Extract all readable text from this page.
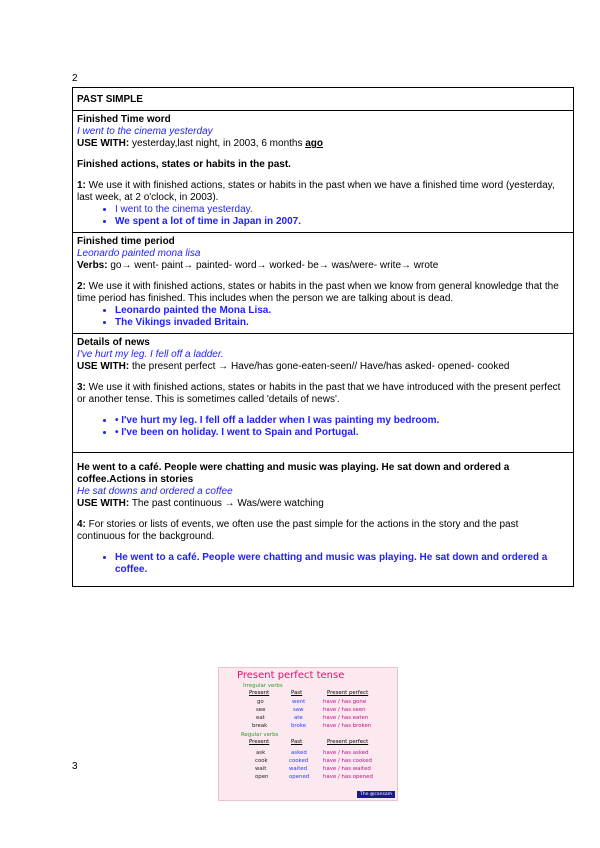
2
PAST SIMPLE

Finished Time word
I went to the cinema yesterday
USE WITH: yesterday,last night, in 2003, 6 months ago
Finished actions, states or habits in the past.
1: We use it with finished actions, states or habits in the past when we have a finished time word (yesterday, last week, at 2 o'clock, in 2003).
• I went to the cinema yesterday.
• We spent a lot of time in Japan in 2007.

Finished time period
Leonardo painted mona lisa
Verbs: go→ went- paint→ painted- word→ worked- be→ was/were- write→ wrote
2: We use it with finished actions, states or habits in the past when we know from general knowledge that the time period has finished. This includes when the person we are talking about is dead.
• Leonardo painted the Mona Lisa.
• The Vikings invaded Britain.

Details of news
I've hurt my leg. I fell off a ladder.
USE WITH: the present perfect → Have/has gone-eaten-seen// Have/has asked- opened- cooked
3: We use it with finished actions, states or habits in the past that we have introduced with the present perfect or another tense. This is sometimes called 'details of news'.
• • I've hurt my leg. I fell off a ladder when I was painting my bedroom.
• • I've been on holiday. I went to Spain and Portugal.

He went to a café. People were chatting and music was playing. He sat down and ordered a coffee.Actions in stories
He sat downs and ordered a coffee
USE WITH: The past continuous → Was/were watching
4: For stories or lists of events, we often use the past simple for the actions in the story and the past continuous for the background.
• He went to a café. People were chatting and music was playing. He sat down and ordered a coffee.
3
Present perfect tense
Irregular verbs
Present	Past	Present perfect
go	went	have / has gone
see	saw	have / has seen
eat	ate	have / has eaten
break	broke	have / has broken
Regular verbs
Present	Past	Present perfect
ask	asked	have / has asked
cook	cooked	have / has cooked
wait	waited	have / has waited
open	opened	have / has opened
The @cansam
